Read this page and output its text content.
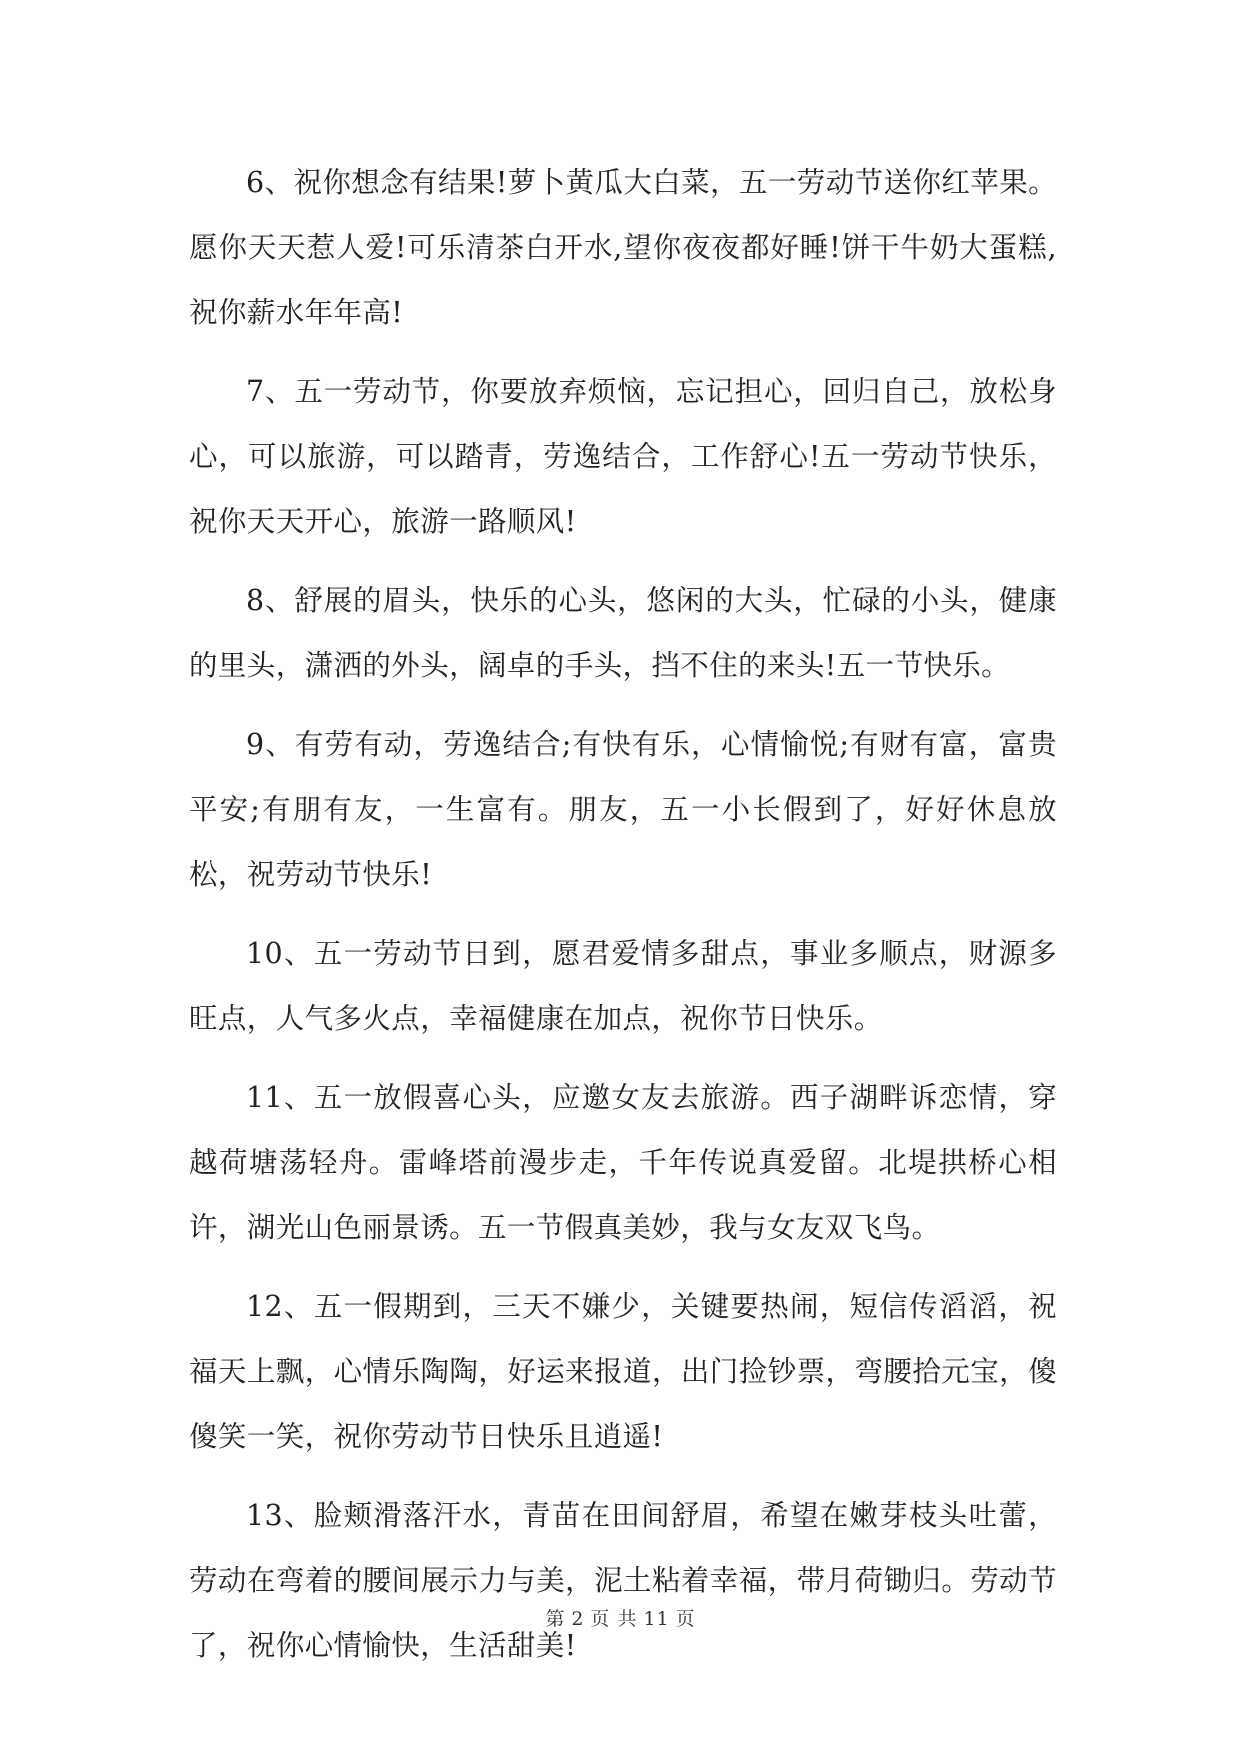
6、祝你想念有结果!萝卜黄瓜大白菜，五一劳动节送你红苹果。愿你天天惹人爱!可乐清茶白开水,望你夜夜都好睡!饼干牛奶大蛋糕,祝你薪水年年高!

7、五一劳动节，你要放弃烦恼，忘记担心，回归自己，放松身心，可以旅游，可以踏青，劳逸结合，工作舒心!五一劳动节快乐，祝你天天开心，旅游一路顺风!

8、舒展的眉头，快乐的心头，悠闲的大头，忙碌的小头，健康的里头，潇洒的外头，阔卓的手头，挡不住的来头!五一节快乐。

9、有劳有动，劳逸结合;有快有乐，心情愉悦;有财有富，富贵平安;有朋有友，一生富有。朋友，五一小长假到了，好好休息放松，祝劳动节快乐!

10、五一劳动节日到，愿君爱情多甜点，事业多顺点，财源多旺点，人气多火点，幸福健康在加点，祝你节日快乐。

11、五一放假喜心头，应邀女友去旅游。西子湖畔诉恋情，穿越荷塘荡轻舟。雷峰塔前漫步走，千年传说真爱留。北堤拱桥心相许，湖光山色丽景诱。五一节假真美妙，我与女友双飞鸟。

12、五一假期到，三天不嫌少，关键要热闹，短信传滔滔，祝福天上飘，心情乐陶陶，好运来报道，出门捡钞票，弯腰拾元宝，傻傻笑一笑，祝你劳动节日快乐且逍遥!

13、脸颊滑落汗水，青苗在田间舒眉，希望在嫩芽枝头吐蕾，劳动在弯着的腰间展示力与美，泥土粘着幸福，带月荷锄归。劳动节了，祝你心情愉快，生活甜美!

第 2 页 共 11 页
